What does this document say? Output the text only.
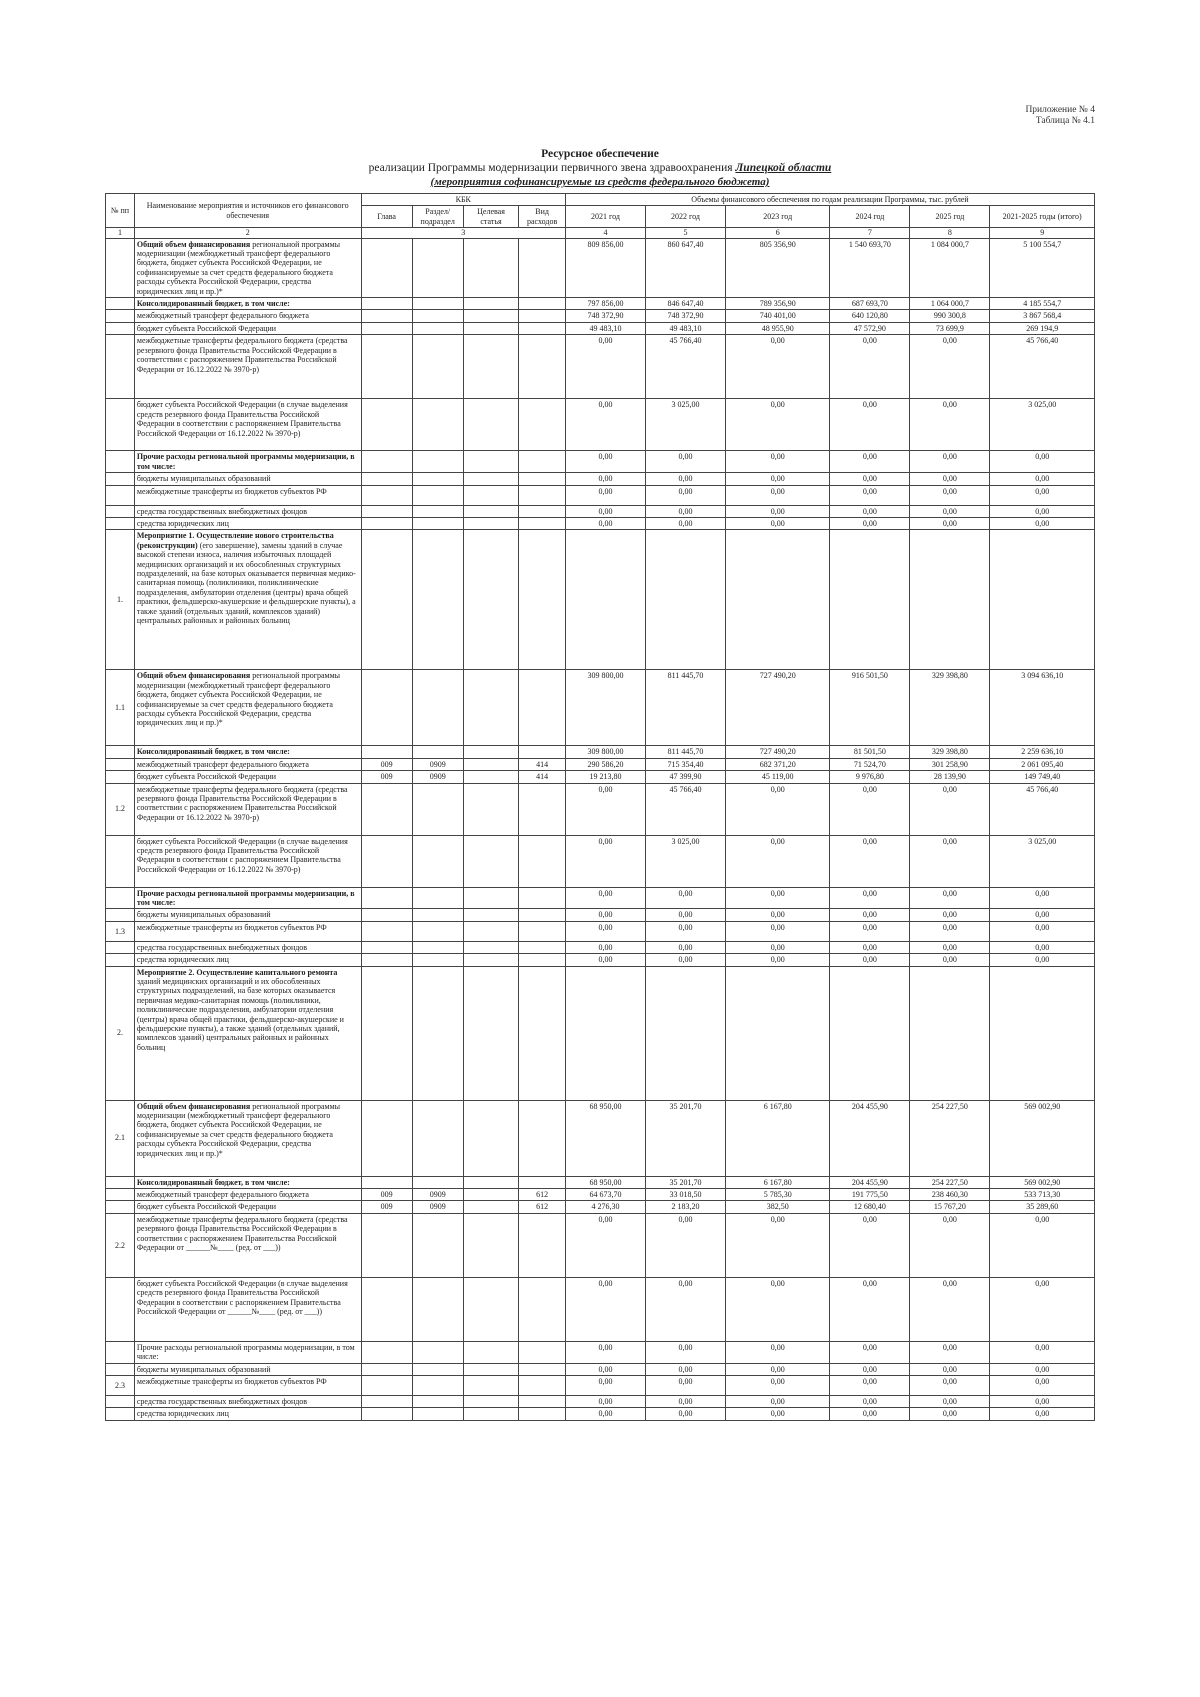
Приложение № 4
Таблица № 4.1
Ресурсное обеспечение
реализации Программы модернизации первичного звена здравоохранения Липецкой области
(мероприятия софинансируемые из средств федерального бюджета)
№ пп	Наименование мероприятия и источников его финансового обеспечения	КБК				Объемы финансового обеспечения по годам реализации Программы, тыс. рублей					
		Глава	Раздел/ подраздел	Целевая статья	Вид расходов	2021 год	2022 год	2023 год	2024 год	2025 год	2021-2025 годы (итого)
1	2	3				4	5	6	7	8	9
	Общий объем финансирования региональной программы модернизации (межбюджетный трансферт федерального бюджета, бюджет субъекта Российской Федерации, не софинансируемые за счет средств федерального бюджета расходы субъекта Российской Федерации, средства юридических лиц и пр.)*					809 856,00	860 647,40	805 356,90	1 540 693,70	1 084 000,7	5 100 554,7
	Консолидированный бюджет, в том числе:					797 856,00	846 647,40	789 356,90	687 693,70	1 064 000,7	4 185 554,7
	межбюджетный трансферт федерального бюджета					748 372,90	748 372,90	740 401,00	640 120,80	990 300,8	3 867 568,4
	бюджет субъекта Российской Федерации					49 483,10	49 483,10	48 955,90	47 572,90	73 699,9	269 194,9
	межбюджетные трансферты федерального бюджета (средства резервного фонда Правительства Российской Федерации в соответствии с распоряжением Правительства Российской Федерации от 16.12.2022 № 3970-р)					0,00	45 766,40	0,00	0,00	0,00	45 766,40
	бюджет субъекта Российской Федерации (в случае выделения средств резервного фонда Правительства Российской Федерации в соответствии с распоряжением Правительства Российской Федерации от 16.12.2022 № 3970-р)					0,00	3 025,00	0,00	0,00	0,00	3 025,00
	Прочие расходы региональной программы модернизации, в том числе:					0,00	0,00	0,00	0,00	0,00	0,00
	бюджеты муниципальных образований					0,00	0,00	0,00	0,00	0,00	0,00
	межбюджетные трансферты из бюджетов субъектов РФ					0,00	0,00	0,00	0,00	0,00	0,00
	средства государственных внебюджетных фондов					0,00	0,00	0,00	0,00	0,00	0,00
	средства юридических лиц					0,00	0,00	0,00	0,00	0,00	0,00
1.	Мероприятие 1. Осуществление нового строительства (реконструкции) (его завершение), замены зданий в случае высокой степени износа, наличия избыточных площадей медицинских организаций и их обособленных структурных подразделений, на базе которых оказывается первичная медико-санитарная помощь (поликлиники, поликлинические подразделения, амбулатории отделения (центры) врача общей практики, фельдшерско-акушерские и фельдшерские пункты), а также зданий (отдельных зданий, комплексов зданий) центральных районных и районных больниц										
1.1	Общий объем финансирования региональной программы модернизации (межбюджетный трансферт федерального бюджета, бюджет субъекта Российской Федерации, не софинансируемые за счет средств федерального бюджета расходы субъекта Российской Федерации, средства юридических лиц и пр.)*					309 800,00	811 445,70	727 490,20	916 501,50	329 398,80	3 094 636,10
	Консолидированный бюджет, в том числе:					309 800,00	811 445,70	727 490,20	81 501,50	329 398,80	2 259 636,10
	межбюджетный трансферт федерального бюджета	009	0909		414	290 586,20	715 354,40	682 371,20	71 524,70	301 258,90	2 061 095,40
	бюджет субъекта Российской Федерации	009	0909		414	19 213,80	47 399,90	45 119,00	9 976,80	28 139,90	149 749,40
1.2	межбюджетные трансферты федерального бюджета (средства резервного фонда Правительства Российской Федерации в соответствии с распоряжением Правительства Российской Федерации от 16.12.2022 № 3970-р)					0,00	45 766,40	0,00	0,00	0,00	45 766,40
	бюджет субъекта Российской Федерации (в случае выделения средств резервного фонда Правительства Российской Федерации в соответствии с распоряжением Правительства Российской Федерации от 16.12.2022 № 3970-р)					0,00	3 025,00	0,00	0,00	0,00	3 025,00
	Прочие расходы региональной программы модернизации, в том числе:					0,00	0,00	0,00	0,00	0,00	0,00
	бюджеты муниципальных образований					0,00	0,00	0,00	0,00	0,00	0,00
1.3	межбюджетные трансферты из бюджетов субъектов РФ					0,00	0,00	0,00	0,00	0,00	0,00
	средства государственных внебюджетных фондов					0,00	0,00	0,00	0,00	0,00	0,00
	средства юридических лиц					0,00	0,00	0,00	0,00	0,00	0,00
2.	Мероприятие 2. Осуществление капитального ремонта зданий медицинских организаций и их обособленных структурных подразделений, на базе которых оказывается первичная медико-санитарная помощь (поликлиники, поликлинические подразделения, амбулатории отделения (центры) врача общей практики, фельдшерско-акушерские и фельдшерские пункты), а также зданий (отдельных зданий, комплексов зданий) центральных районных и районных больниц										
2.1	Общий объем финансирования региональной программы модернизации (межбюджетный трансферт федерального бюджета, бюджет субъекта Российской Федерации, не софинансируемые за счет средств федерального бюджета расходы субъекта Российской Федерации, средства юридических лиц и пр.)*					68 950,00	35 201,70	6 167,80	204 455,90	254 227,50	569 002,90
	Консолидированный бюджет, в том числе:					68 950,00	35 201,70	6 167,80	204 455,90	254 227,50	569 002,90
	межбюджетный трансферт федерального бюджета	009	0909		612	64 673,70	33 018,50	5 785,30	191 775,50	238 460,30	533 713,30
	бюджет субъекта Российской Федерации	009	0909		612	4 276,30	2 183,20	382,50	12 680,40	15 767,20	35 289,60
2.2	межбюджетные трансферты федерального бюджета (средства резервного фонда Правительства Российской Федерации в соответствии с распоряжением Правительства Российской Федерации от ______№____ (ред. от ___))					0,00	0,00	0,00	0,00	0,00	0,00
	бюджет субъекта Российской Федерации (в случае выделения средств резервного фонда Правительства Российской Федерации в соответствии с распоряжением Правительства Российской Федерации от ______№____ (ред. от ___))					0,00	0,00	0,00	0,00	0,00	0,00
	Прочие расходы региональной программы модернизации, в том числе:					0,00	0,00	0,00	0,00	0,00	0,00
	бюджеты муниципальных образований					0,00	0,00	0,00	0,00	0,00	0,00
2.3	межбюджетные трансферты из бюджетов субъектов РФ					0,00	0,00	0,00	0,00	0,00	0,00
	средства государственных внебюджетных фондов					0,00	0,00	0,00	0,00	0,00	0,00
	средства юридических лиц					0,00	0,00	0,00	0,00	0,00	0,00
